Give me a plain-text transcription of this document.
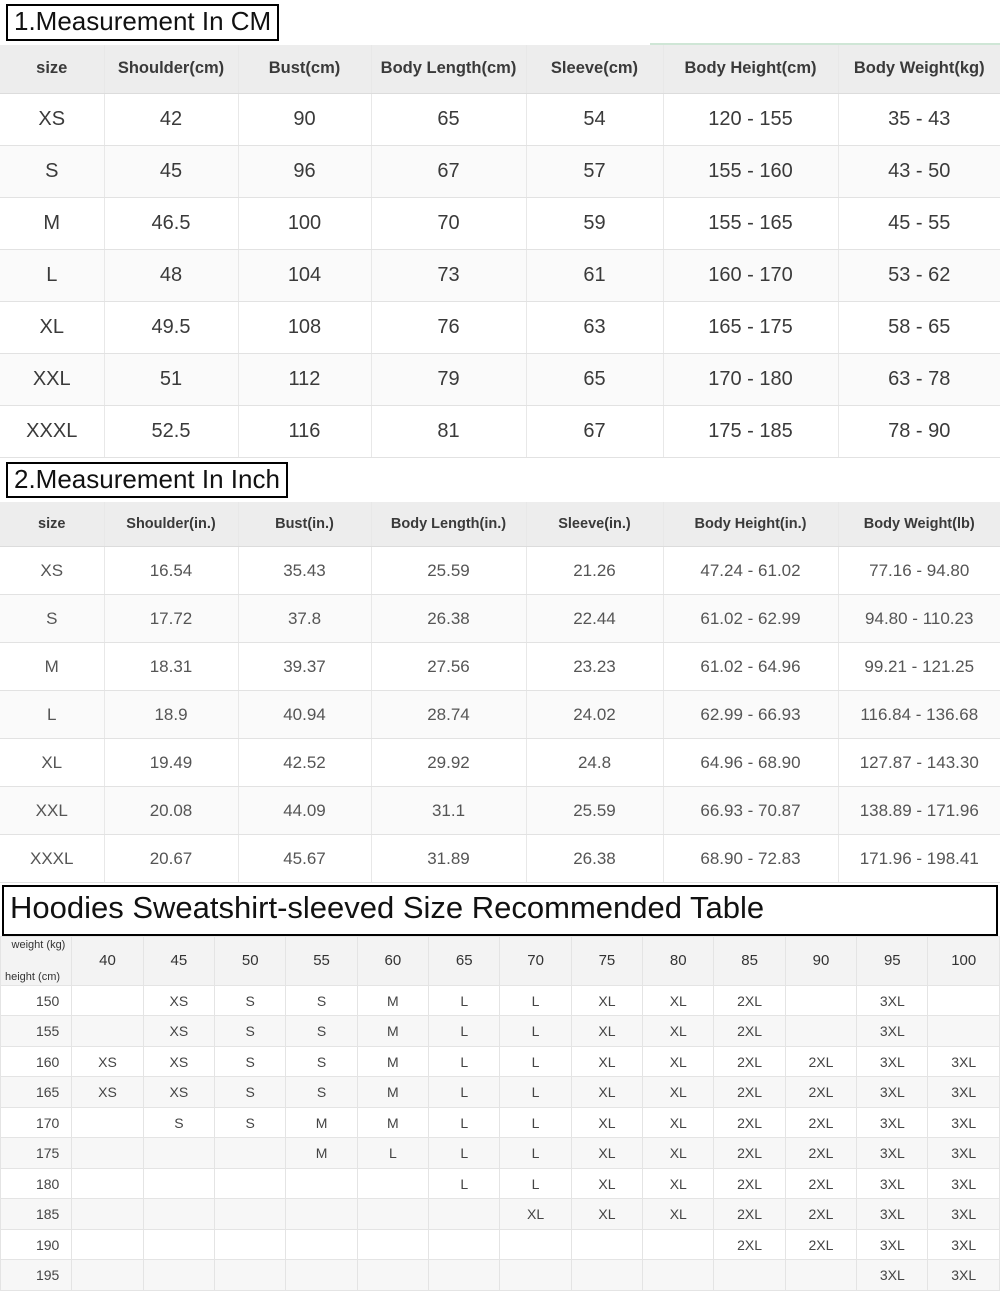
1.Measurement In CM
size	Shoulder(cm)	Bust(cm)	Body Length(cm)	Sleeve(cm)	Body Height(cm)	Body Weight(kg)
XS	42	90	65	54	120 - 155	35 - 43
S	45	96	67	57	155 - 160	43 - 50
M	46.5	100	70	59	155 - 165	45 - 55
L	48	104	73	61	160 - 170	53 - 62
XL	49.5	108	76	63	165 - 175	58 - 65
XXL	51	112	79	65	170 - 180	63 - 78
XXXL	52.5	116	81	67	175 - 185	78 - 90
2.Measurement In Inch
size	Shoulder(in.)	Bust(in.)	Body Length(in.)	Sleeve(in.)	Body Height(in.)	Body Weight(lb)
XS	16.54	35.43	25.59	21.26	47.24 - 61.02	77.16 - 94.80
S	17.72	37.8	26.38	22.44	61.02 - 62.99	94.80 - 110.23
M	18.31	39.37	27.56	23.23	61.02 - 64.96	99.21 - 121.25
L	18.9	40.94	28.74	24.02	62.99 - 66.93	116.84 - 136.68
XL	19.49	42.52	29.92	24.8	64.96 - 68.90	127.87 - 143.30
XXL	20.08	44.09	31.1	25.59	66.93 - 70.87	138.89 - 171.96
XXXL	20.67	45.67	31.89	26.38	68.90 - 72.83	171.96 - 198.41
Hoodies Sweatshirt-sleeved Size Recommended Table
weight (kg)
height (cm)	40	45	50	55	60	65	70	75	80	85	90	95	100
150		XS	S	S	M	L	L	XL	XL	2XL		3XL	
155		XS	S	S	M	L	L	XL	XL	2XL		3XL	
160	XS	XS	S	S	M	L	L	XL	XL	2XL	2XL	3XL	3XL
165	XS	XS	S	S	M	L	L	XL	XL	2XL	2XL	3XL	3XL
170		S	S	M	M	L	L	XL	XL	2XL	2XL	3XL	3XL
175				M	L	L	L	XL	XL	2XL	2XL	3XL	3XL
180						L	L	XL	XL	2XL	2XL	3XL	3XL
185							XL	XL	XL	2XL	2XL	3XL	3XL
190										2XL	2XL	3XL	3XL
195												3XL	3XL
